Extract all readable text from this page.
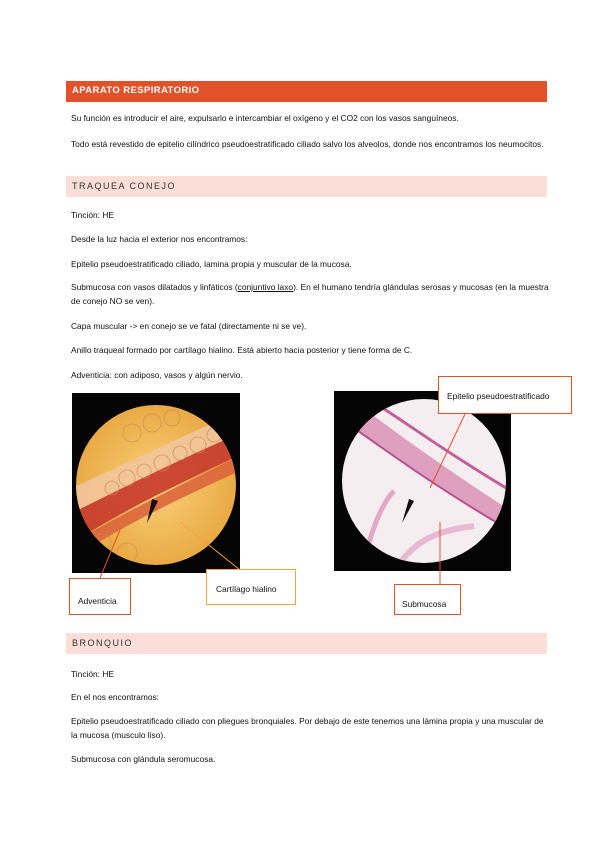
APARATO RESPIRATORIO
Su función es introducir el aire, expulsarlo e intercambiar el oxígeno y el CO2 con los vasos sanguíneos.
Todo está revestido de epitelio cilíndrico pseudoestratificado ciliado salvo los alveolos, donde nos encontramos los neumocitos.
TRAQUEA CONEJO
Tinción: HE
Desde la luz hacia el exterior nos encontramos:
Epitelio pseudoestratificado ciliado, lamina propia y muscular de la mucosa.
Submucosa con vasos dilatados y linfáticos (conjuntivo laxo). En el humano tendría glándulas serosas y mucosas (en la muestra de conejo NO se ven).
Capa muscular -> en conejo se ve fatal (directamente ni se ve).
Anillo traqueal formado por cartílago hialino. Está abierto hacia posterior y tiene forma de C.
Adventicia: con adiposo, vasos y algún nervio.
Epitelio pseudoestratificado
Adventicia
Cartílago hialino
Submucosa
BRONQUIO
Tinción: HE
En el nos encontramos:
Epitelio pseudoestratificado ciliado con pliegues bronquiales. Por debajo de este tenemos una lámina propia y una muscular de la mucosa (musculo liso).
Submucosa con glándula seromucosa.
